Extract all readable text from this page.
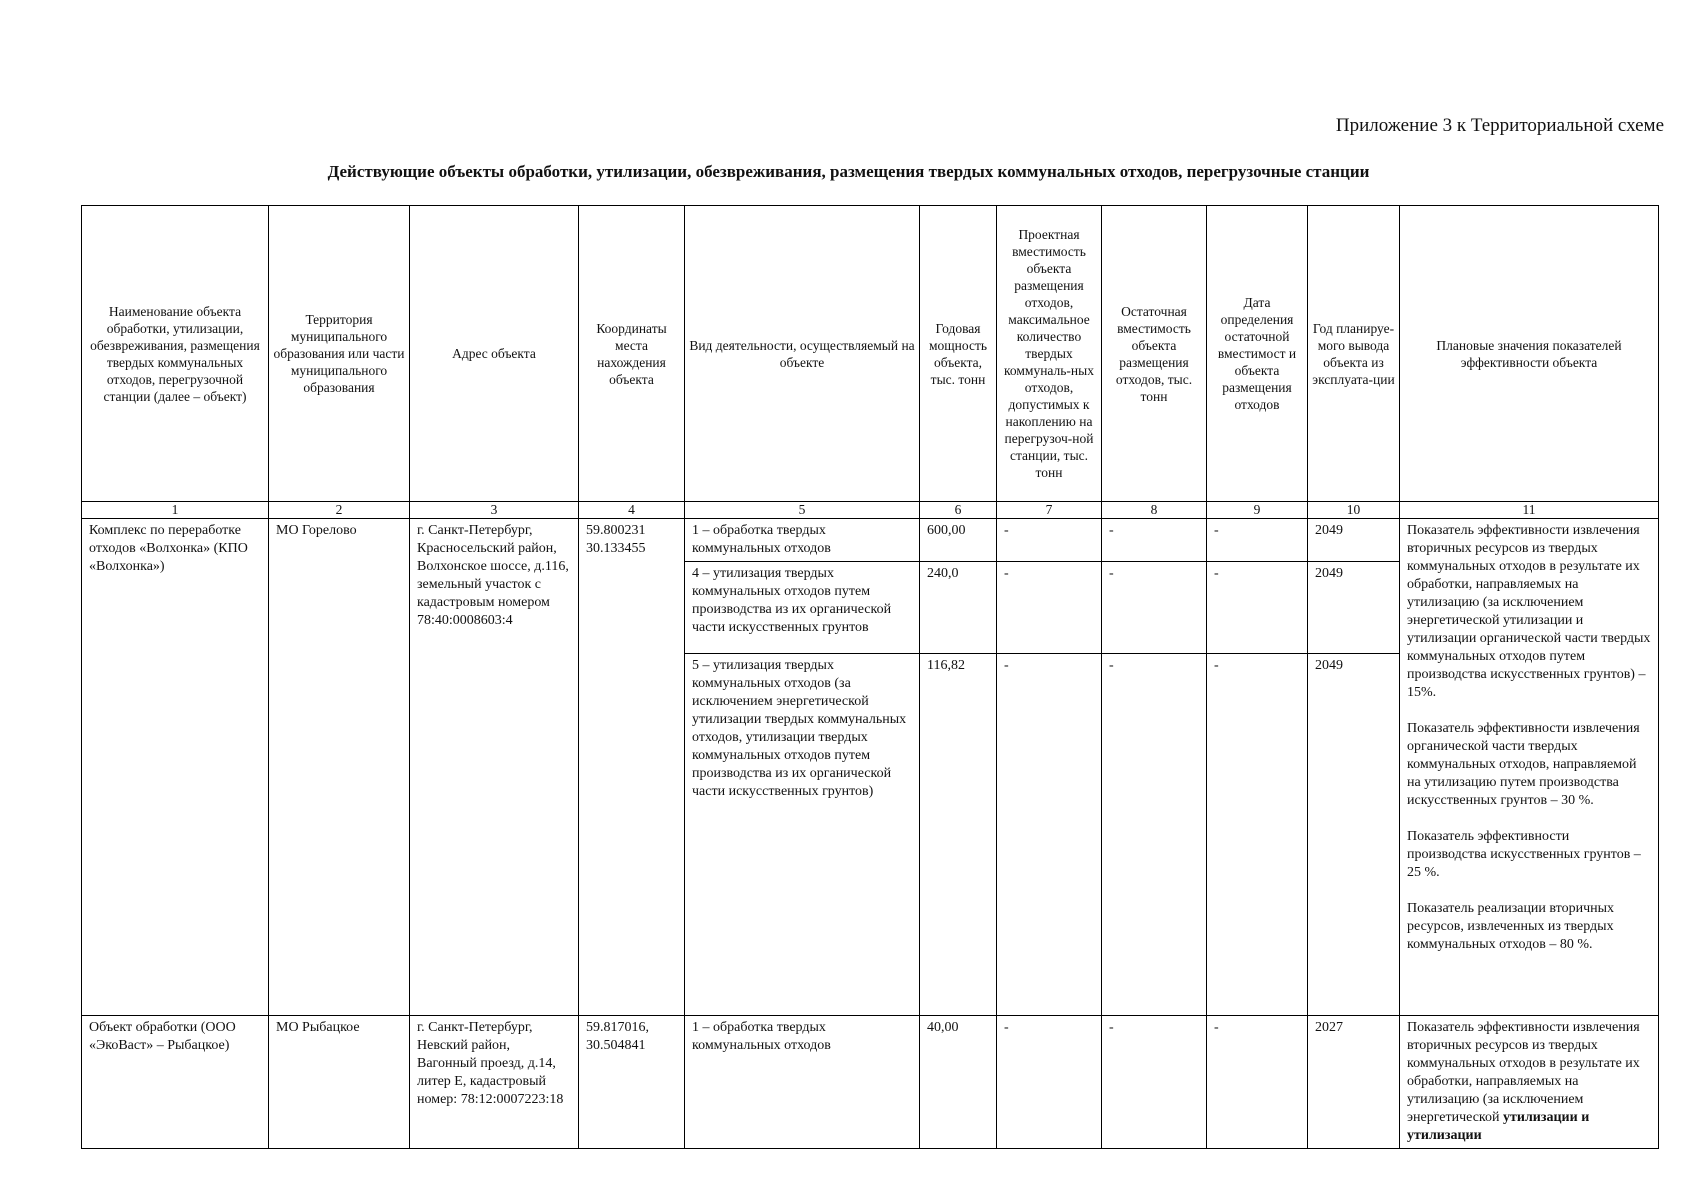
Приложение 3 к Территориальной схеме
Действующие объекты обработки, утилизации, обезвреживания, размещения твердых коммунальных отходов, перегрузочные станции
Наименование объекта обработки, утилизации, обезвреживания, размещения твердых коммунальных отходов, перегрузочной станции (далее – объект)	Территория муниципального образования или части муниципального образования	Адрес объекта	Координаты места нахождения объекта	Вид деятельности, осуществляемый на объекте	Годовая мощность объекта, тыс. тонн	Проектная вместимость объекта размещения отходов, максимальное количество твердых коммуналь-ных отходов, допустимых к накоплению на перегрузоч-ной станции, тыс. тонн	Остаточная вместимость объекта размещения отходов, тыс. тонн	Дата определения остаточной вместимост и объекта размещения отходов	Год планируе-мого вывода объекта из эксплуата-ции	Плановые значения показателей эффективности объекта
1	2	3	4	5	6	7	8	9	10	11
Комплекс по переработке отходов «Волхонка» (КПО «Волхонка»)	МО Горелово	г. Санкт-Петербург, Красносельский район, Волхонское шоссе, д.116, земельный участок с кадастровым номером 78:40:0008603:4	59.800231 30.133455	1 – обработка твердых коммунальных отходов	600,00	-	-	-	2049	Показатель эффективности извлечения вторичных ресурсов из твердых коммунальных отходов в результате их обработки, направляемых на утилизацию (за исключением энергетической утилизации и утилизации органической части твердых коммунальных отходов путем производства искусственных грунтов) – 15%.

Показатель эффективности извлечения органической части твердых коммунальных отходов, направляемой на утилизацию путем производства искусственных грунтов – 30 %.

Показатель эффективности производства искусственных грунтов – 25 %.

Показатель реализации вторичных ресурсов, извлеченных из твердых коммунальных отходов – 80 %.

				4 – утилизация твердых коммунальных отходов путем производства из их органической части искусственных грунтов	240,0	-	-	-	2049	
				5 – утилизация твердых коммунальных отходов (за исключением энергетической утилизации твердых коммунальных отходов, утилизации твердых коммунальных отходов путем производства из их органической части искусственных грунтов)	116,82	-	-	-	2049	
Объект обработки (ООО «ЭкоВаст» – Рыбацкое)	МО Рыбацкое	г. Санкт-Петербург, Невский район, Вагонный проезд, д.14, литер Е, кадастровый номер: 78:12:0007223:18	59.817016, 30.504841	1 – обработка твердых коммунальных отходов	40,00	-	-	-	2027	Показатель эффективности извлечения вторичных ресурсов из твердых коммунальных отходов в результате их обработки, направляемых на утилизацию (за исключением энергетической утилизации и утилизации
